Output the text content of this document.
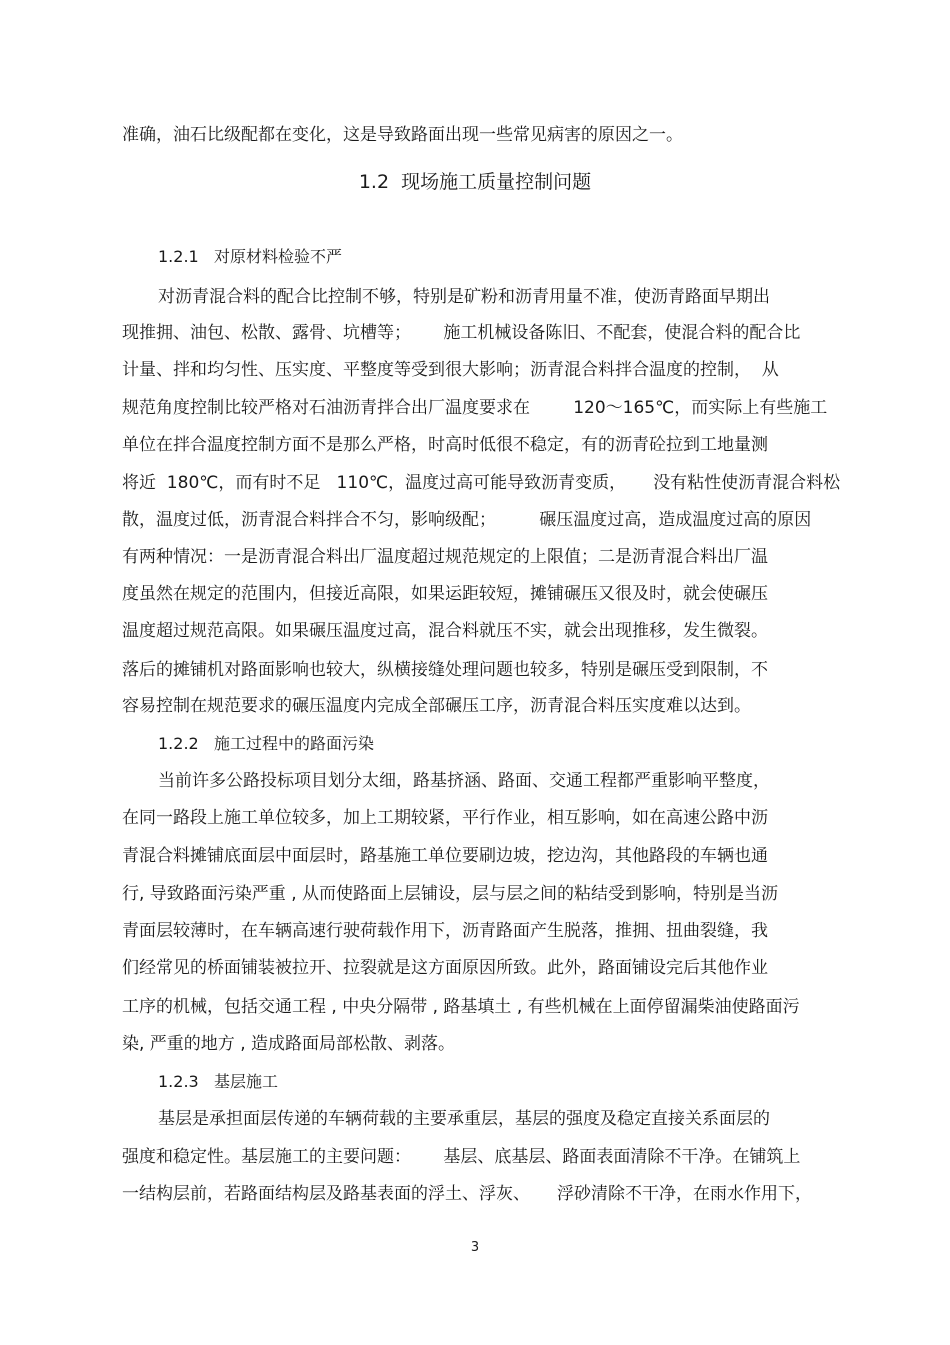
准确，油石比级配都在变化，这是导致路面出现一些常见病害的原因之一。
1.2  现场施工质量控制问题
1.2.1   对原材料检验不严
对沥青混合料的配合比控制不够，特别是矿粉和沥青用量不准，使沥青路面早期出
现推拥、油包、松散、露骨、坑槽等；      施工机械设备陈旧、不配套，使混合料的配合比
计量、拌和均匀性、压实度、平整度等受到很大影响；沥青混合料拌合温度的控制，  从
规范角度控制比较严格对石油沥青拌合出厂温度要求在        120～165℃，而实际上有些施工
单位在拌合温度控制方面不是那么严格，时高时低很不稳定，有的沥青砼拉到工地量测
将近  180℃，而有时不足   110℃，温度过高可能导致沥青变质，     没有粘性使沥青混合料松
散，温度过低，沥青混合料拌合不匀，影响级配；        碾压温度过高，造成温度过高的原因
有两种情况：一是沥青混合料出厂温度超过规范规定的上限值；二是沥青混合料出厂温
度虽然在规定的范围内，但接近高限，如果运距较短，摊铺碾压又很及时，就会使碾压
温度超过规范高限。如果碾压温度过高，混合料就压不实，就会出现推移，发生微裂。
落后的摊铺机对路面影响也较大，纵横接缝处理问题也较多，特别是碾压受到限制，不
容易控制在规范要求的碾压温度内完成全部碾压工序，沥青混合料压实度难以达到。
1.2.2   施工过程中的路面污染
当前许多公路投标项目划分太细，路基挤涵、路面、交通工程都严重影响平整度，
在同一路段上施工单位较多，加上工期较紧，平行作业，相互影响，如在高速公路中沥
青混合料摊铺底面层中面层时，路基施工单位要刷边坡，挖边沟，其他路段的车辆也通
行, 导致路面污染严重 , 从而使路面上层铺设，层与层之间的粘结受到影响，特别是当沥
青面层较薄时，在车辆高速行驶荷载作用下，沥青路面产生脱落，推拥、扭曲裂缝，我
们经常见的桥面铺装被拉开、拉裂就是这方面原因所致。此外，路面铺设完后其他作业
工序的机械，包括交通工程 , 中央分隔带 , 路基填土 , 有些机械在上面停留漏柴油使路面污
染, 严重的地方 , 造成路面局部松散、剥落。
1.2.3   基层施工
基层是承担面层传递的车辆荷载的主要承重层，基层的强度及稳定直接关系面层的
强度和稳定性。基层施工的主要问题：      基层、底基层、路面表面清除不干净。在铺筑上
一结构层前，若路面结构层及路基表面的浮土、浮灰、     浮砂清除不干净，在雨水作用下，
3
